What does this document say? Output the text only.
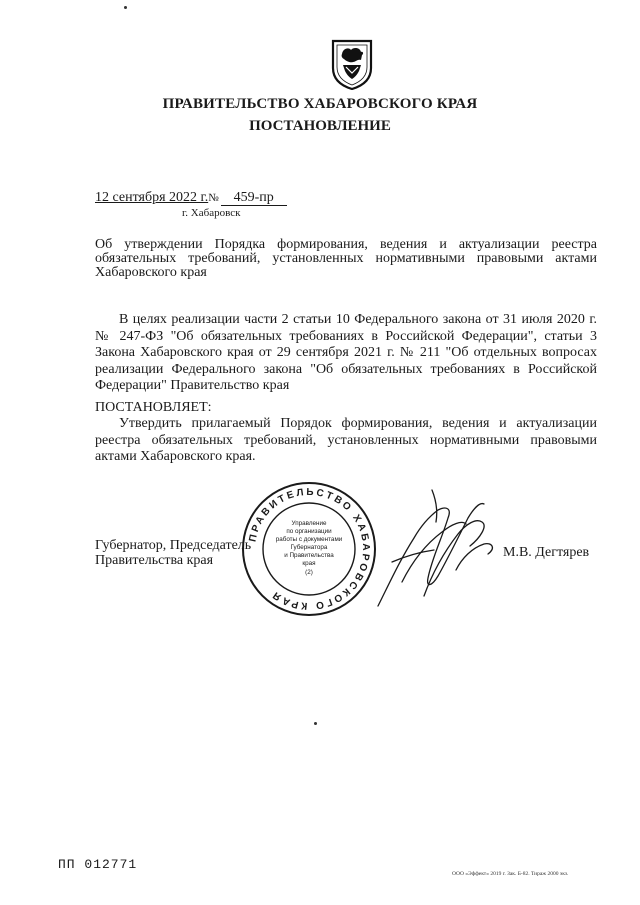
ПРАВИТЕЛЬСТВО ХАБАРОВСКОГО КРАЯ
ПОСТАНОВЛЕНИЕ
12 сентября 2022 г.№ 459-пр
г. Хабаровск
Об утверждении Порядка формирования, ведения и актуализации реестра обязательных требований, установленных нормативными правовыми актами Хабаровского края
В целях реализации части 2 статьи 10 Федерального закона от 31 июля 2020 г. № 247-ФЗ "Об обязательных требованиях в Российской Федерации", статьи 3 Закона Хабаровского края от 29 сентября 2021 г. № 211 "Об отдельных вопросах реализации Федерального закона "Об обязательных требованиях в Российской Федерации" Правительство края
ПОСТАНОВЛЯЕТ:
Утвердить прилагаемый Порядок формирования, ведения и актуализации реестра обязательных требований, установленных нормативными правовыми актами Хабаровского края.
Губернатор, Председатель
Правительства края
ПРАВИТЕЛЬСТВО ХАБАРОВСКОГО КРАЯ
Управление
по организации
работы с документами
Губернатора
и Правительства
края
(2)
М.В. Дегтярев
ПП 012771
ООО «Эффект» 2019 г. Зак. Б-82. Тираж 2000 экз.
